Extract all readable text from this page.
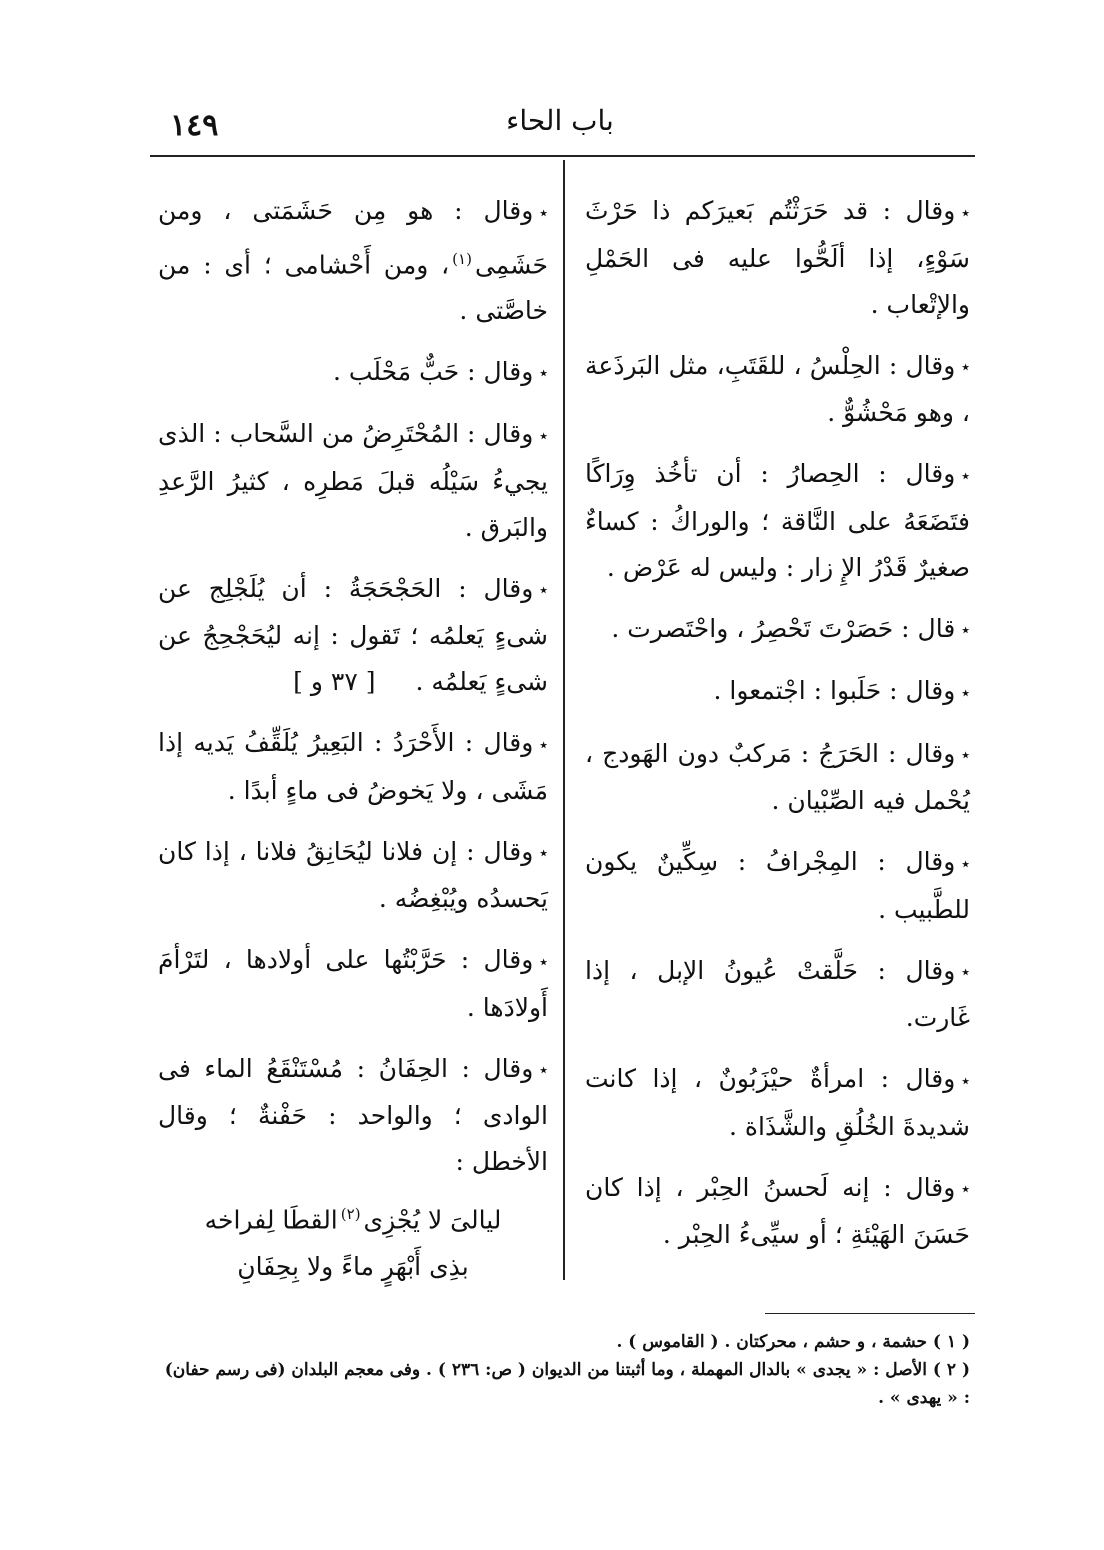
١٤٩	باب الحاء
٭وقال : قد حَرَثْتُم بَعيرَكم ذا حَرْثَ سَوْءٍ، إذا ألَحُّوا عليه فى الحَمْلِ والإتْعاب .
٭وقال : الحِلْسُ ، للقَتَبِ، مثل البَرذَعة ، وهو مَحْشُوٌّ .
٭وقال : الحِصارُ : أن تأخُذ وِرَاكًا فتَضَعَهُ على النَّاقة ؛ والوراكُ : كساءٌ صغيرٌ قَدْرُ الإِ زار : وليس له عَرْض .
٭قال : حَصَرْتَ تَحْصِرُ ، واحْتَصرت .
٭وقال : حَلَبوا : اجْتمعوا .
٭وقال : الحَرَجُ : مَركبٌ دون الهَودج ، يُحْمل فيه الصِّبْيان .
٭وقال : المِجْرافُ : سِكِّينٌ يكون للطَّبيب .
٭وقال : حَلَّقتْ عُيونُ الإبل ، إذا غَارت.
٭وقال : امرأةٌ حيْزَبُونٌ ، إذا كانت شديدةَ الخُلُقِ والشَّذَاة .
٭وقال : إنه لَحسنُ الحِبْر ، إذا كان حَسَنَ الهَيْئةِ ؛ أو سيِّىءُ الحِبْر .
٭وقال : هو مِن حَشَمَتى ، ومن حَشَمِى$^{(١)}$، ومن أَحْشامى ؛ أى : من خاصَّتى .
٭وقال : حَبٌّ مَحْلَب .
٭وقال : المُحْتَرِضُ من السَّحاب : الذى يجيءُ سَيْلُه قبلَ مَطرِه ، كثيرُ الرَّعدِ والبَرق .
٭وقال : الحَجْحَجَةُ : أن يُلَجْلِج عن شىءٍ يَعلمُه ؛ تَقول : إنه ليُحَجْحِجُ عن شىءٍ يَعلمُه .[ ٣٧ و ]
٭وقال : الأَحْرَدُ : البَعِيرُ يُلَقِّفُ يَديه إذا مَشَى ، ولا يَخوضُ فى ماءٍ أبدًا .
٭وقال : إن فلانا ليُحَانِقُ فلانا ، إذا كان يَحسدُه ويُبْغِضُه .
٭وقال : حَرَّبْتُها على أولادها ، لتَرْأمَ أَولادَها .
٭وقال : الحِفَانُ : مُسْتَنْقَعُ الماء فى الوادى ؛ والواحد : حَفْنةٌ ؛ وقال الأخطل :

ليالىَ لا يُجْزِى$^{(٢)}$القطَا لِفراخه

بذِى أَبْهَرٍ ماءً ولا بِحِفَانِ

( ١ ) حشمة ، و حشم ، محركتان . ( القاموس ) .

( ٢ ) الأصل : « يجدى » بالدال المهملة ، وما أثبتنا من الديوان ( ص: ٢٣٦ ) . وفى معجم البلدان (فى رسم حفان) : « يهدى » .
